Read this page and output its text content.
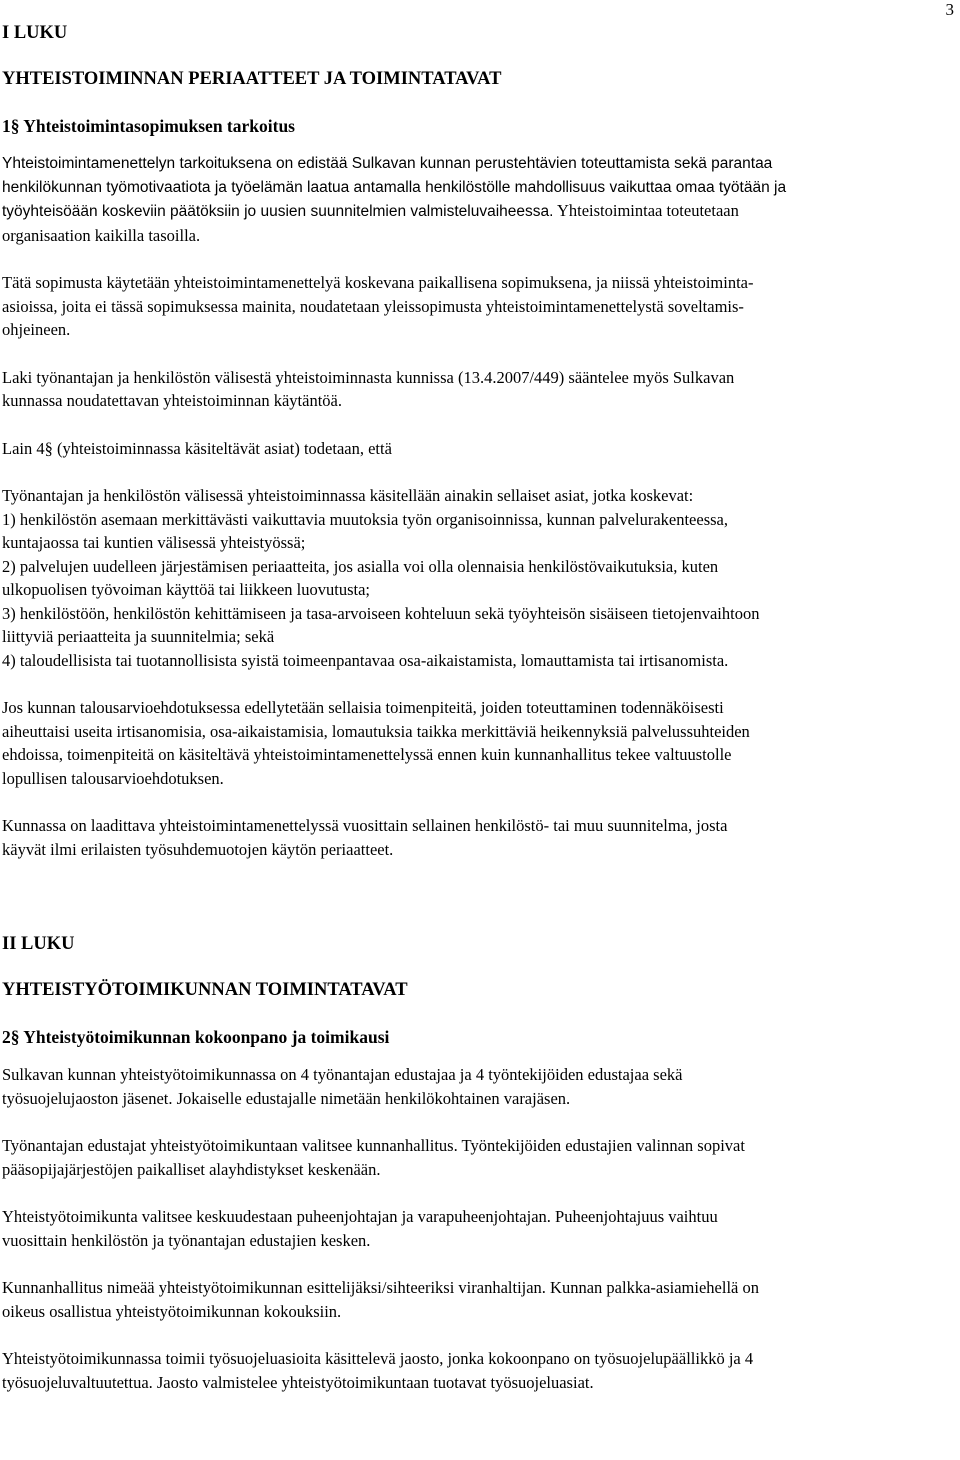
3
I LUKU
YHTEISTOIMINNAN PERIAATTEET JA TOIMINTATAVAT
1§ Yhteistoimintasopimuksen tarkoitus

Yhteistoimintamenettelyn tarkoituksena on edistää Sulkavan kunnan perustehtävien toteuttamista sekä parantaa
henkilökunnan työmotivaatiota ja työelämän laatua antamalla henkilöstölle mahdollisuus vaikuttaa omaa työtään ja
työyhteisöään koskeviin päätöksiin jo uusien suunnitelmien valmisteluvaiheessa. Yhteistoimintaa toteutetaan
organisaation kaikilla tasoilla.

Tätä sopimusta käytetään yhteistoimintamenettelyä koskevana paikallisena sopimuksena, ja niissä yhteistoiminta-
asioissa, joita ei tässä sopimuksessa mainita, noudatetaan yleissopimusta yhteistoimintamenettelystä soveltamis-
ohjeineen.

Laki työnantajan ja henkilöstön välisestä yhteistoiminnasta kunnissa (13.4.2007/449) sääntelee myös Sulkavan
kunnassa noudatettavan yhteistoiminnan käytäntöä.

Lain 4§ (yhteistoiminnassa käsiteltävät asiat) todetaan, että

Työnantajan ja henkilöstön välisessä yhteistoiminnassa käsitellään ainakin sellaiset asiat, jotka koskevat:
1) henkilöstön asemaan merkittävästi vaikuttavia muutoksia työn organisoinnissa, kunnan palvelurakenteessa,
kuntajaossa tai kuntien välisessä yhteistyössä;
2) palvelujen uudelleen järjestämisen periaatteita, jos asialla voi olla olennaisia henkilöstövaikutuksia, kuten
ulkopuolisen työvoiman käyttöä tai liikkeen luovutusta;
3) henkilöstöön, henkilöstön kehittämiseen ja tasa-arvoiseen kohteluun sekä työyhteisön sisäiseen tietojenvaihtoon
liittyviä periaatteita ja suunnitelmia; sekä
4) taloudellisista tai tuotannollisista syistä toimeenpantavaa osa-aikaistamista, lomauttamista tai irtisanomista.

Jos kunnan talousarvioehdotuksessa edellytetään sellaisia toimenpiteitä, joiden toteuttaminen todennäköisesti
aiheuttaisi useita irtisanomisia, osa-aikaistamisia, lomautuksia taikka merkittäviä heikennyksiä palvelussuhteiden
ehdoissa, toimenpiteitä on käsiteltävä yhteistoimintamenettelyssä ennen kuin kunnanhallitus tekee valtuustolle
lopullisen talousarvioehdotuksen.

Kunnassa on laadittava yhteistoimintamenettelyssä vuosittain sellainen henkilöstö- tai muu suunnitelma, josta
käyvät ilmi erilaisten työsuhdemuotojen käytön periaatteet.

II LUKU
YHTEISTYÖTOIMIKUNNAN TOIMINTATAVAT
2§ Yhteistyötoimikunnan kokoonpano ja toimikausi

Sulkavan kunnan yhteistyötoimikunnassa on 4 työnantajan edustajaa ja 4 työntekijöiden edustajaa sekä
työsuojelujaoston jäsenet. Jokaiselle edustajalle nimetään henkilökohtainen varajäsen.

Työnantajan edustajat yhteistyötoimikuntaan valitsee kunnanhallitus. Työntekijöiden edustajien valinnan sopivat
pääsopijajärjestöjen paikalliset alayhdistykset keskenään.

Yhteistyötoimikunta valitsee keskuudestaan puheenjohtajan ja varapuheenjohtajan. Puheenjohtajuus vaihtuu
vuosittain henkilöstön ja työnantajan edustajien kesken.

Kunnanhallitus nimeää yhteistyötoimikunnan esittelijäksi/sihteeriksi viranhaltijan. Kunnan palkka-asiamiehellä on
oikeus osallistua yhteistyötoimikunnan kokouksiin.

Yhteistyötoimikunnassa toimii työsuojeluasioita käsittelevä jaosto, jonka kokoonpano on työsuojelupäällikkö ja 4
työsuojeluvaltuutettua. Jaosto valmistelee yhteistyötoimikuntaan tuotavat työsuojeluasiat.
